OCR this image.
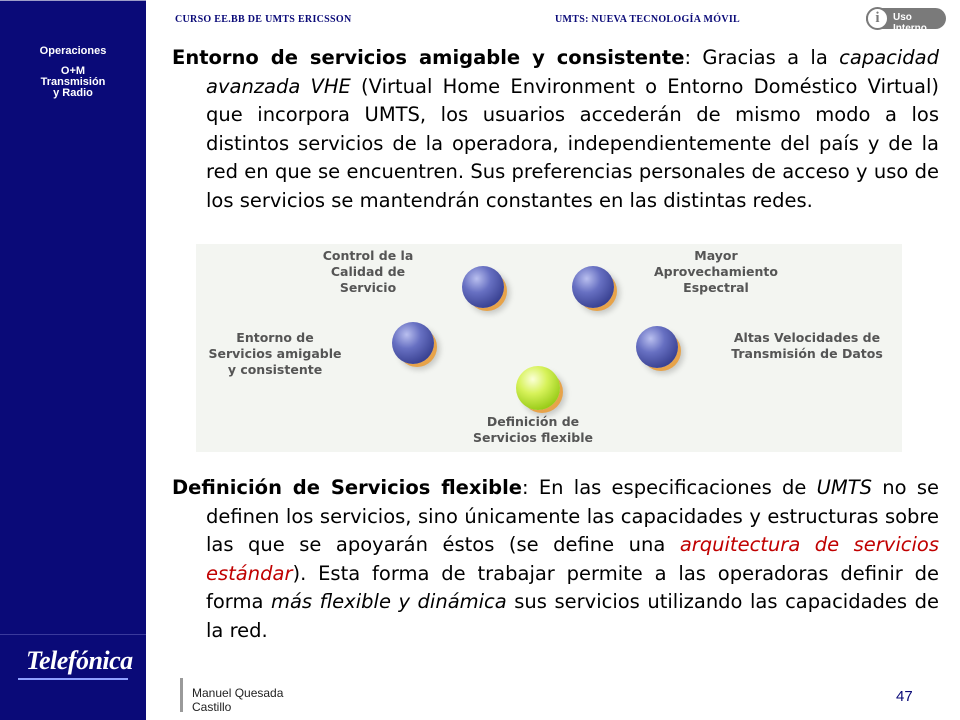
Operaciones
O+M
Transmisión
y Radio
Telefónica
CURSO EE.BB DE UMTS ERICSSON	UMTS: NUEVA TECNOLOGÍA MÓVIL	i	Uso Interno
Entorno de servicios amigable y consistente: Gracias a la capacidad avanzada VHE (Virtual Home Environment o Entorno Doméstico Virtual) que incorpora UMTS, los usuarios accederán de mismo modo a los distintos servicios de la operadora, independientemente del país y de la red en que se encuentren. Sus preferencias personales de acceso y uso de los servicios se mantendrán constantes en las distintas redes.
Control de la
Calidad de
Servicio
Mayor
Aprovechamiento
Espectral
Entorno de
Servicios amigable
y consistente
Altas Velocidades de
Transmisión de Datos
Definición de
Servicios flexible
Definición de Servicios flexible: En las especificaciones de UMTS no se definen los servicios, sino únicamente las capacidades y estructuras sobre las que se apoyarán éstos (se define una arquitectura de servicios estándar). Esta forma de trabajar permite a las operadoras definir de forma más flexible y dinámica sus servicios utilizando las capacidades de la red.
Manuel Quesada
Castillo
47
